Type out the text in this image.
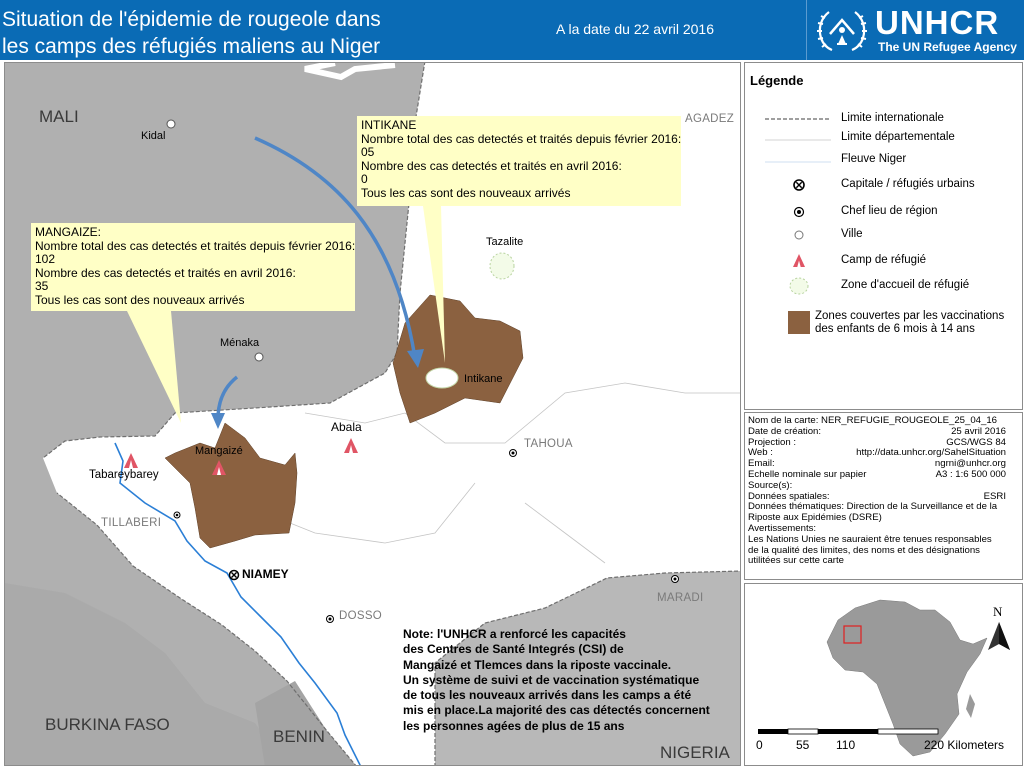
Situation de l'épidemie de rougeole dans
les camps des réfugiés maliens au Niger
A la date du 22 avril 2016	UNHCR
The UN Refugee Agency
MALI
BURKINA FASO
BENIN
NIGERIA
AGADEZ
TAHOUA
TILLABERI
DOSSO
MARADI
NIAMEY
Kidal
Ménaka
Tazalite
Intikane
Abala
Mangaizé
Tabareybarey
INTIKANE
Nombre total des cas detectés et traités depuis février 2016:
05
Nombre des cas detectés et traités en avril 2016:
0
Tous les cas sont des nouveaux arrivés
MANGAIZE:
Nombre total des cas detectés et traités depuis février 2016:
102
Nombre des cas detectés et traités en avril 2016:
35
Tous les cas sont des nouveaux arrivés
Note: l'UNHCR a renforcé les capacités
des Centres de Santé Integrés (CSI) de
Mangaizé et Tlemces dans la riposte vaccinale.
Un système de suivi et de vaccination systématique
de tous les nouveaux arrivés dans les camps a été
mis en place.La majorité des cas détectés concernent
les personnes agées de plus de 15 ans
Légende
Limite internationale
Limite départementale
Fleuve Niger
Capitale / réfugiés urbains
Chef lieu de région
Ville
Camp de réfugié
Zone d'accueil de réfugié
Zones couvertes par les vaccinations
des enfants de 6 mois à 14 ans
Nom de la carte: NER_REFUGIE_ROUGEOLE_25_04_16
Date de création:	25 avril 2016
Projection :	GCS/WGS 84
Web :	http://data.unhcr.org/SahelSituation
Email:	ngrni@unhcr.org
Echelle nominale sur papier	A3 : 1:6 500 000
Source(s):
Données spatiales:	ESRI
Données thématiques: Direction de la Surveillance et de la
Riposte aux Epidémies (DSRE)
Avertissements:
Les Nations Unies ne sauraient être tenues responsables
de la qualité des limites, des noms et des désignations
utilitées sur cette carte
N
0	55 110	220 Kilometers
